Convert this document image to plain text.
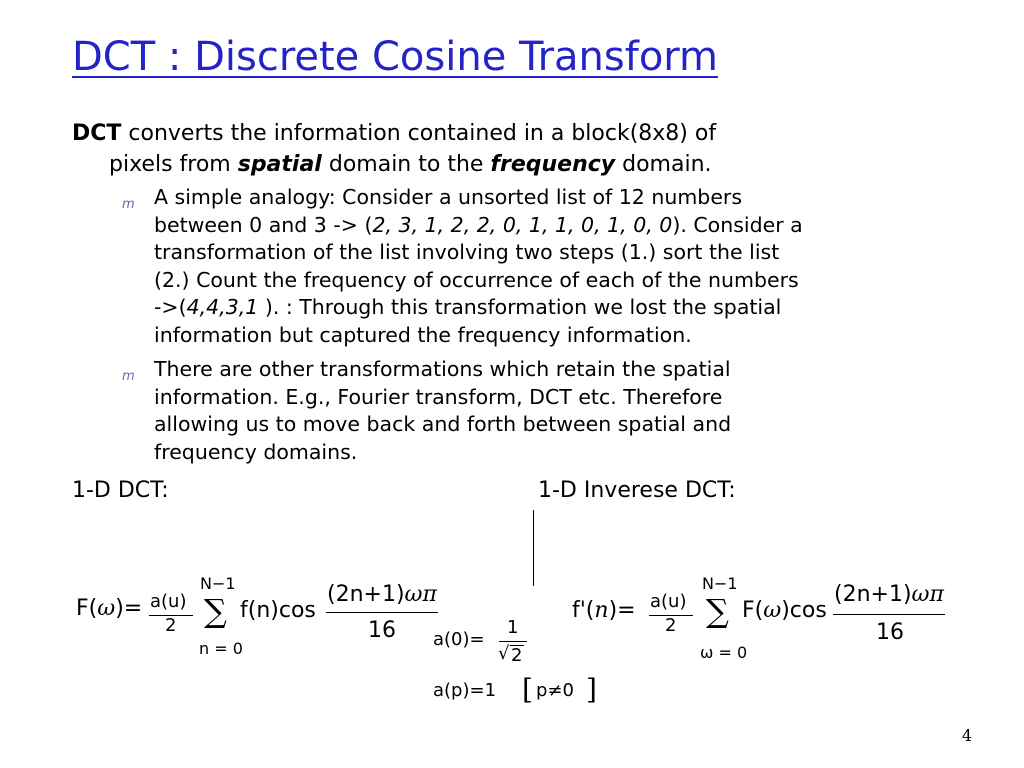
DCT : Discrete Cosine Transform
DCT converts the information contained in a block(8x8) of
pixels from spatial domain to the frequency domain.
m A simple analogy: Consider a unsorted list of 12 numbers
between 0 and 3 -> (2, 3, 1, 2, 2, 0, 1, 1, 0, 1, 0, 0). Consider a
transformation of the list involving two steps (1.) sort the list
(2.) Count the frequency of occurrence of each of the numbers
->(4,4,3,1 ). : Through this transformation we lost the spatial
information but captured the frequency information.
m There are other transformations which retain the spatial
information. E.g., Fourier transform, DCT etc. Therefore
allowing us to move back and forth between spatial and
frequency domains.
1-D DCT:	1-D Inverese DCT:
F(ω)= a(u)
2
N−1
∑
n = 0
f(n)cos
(2n+1)ωπ
16 a(0)=
1
√ 2
a(p)=1 [ p≠0 ]
f'(n)= a(u)
2
N−1
∑
ω = 0
F(ω)cos
(2n+1)ωπ
16
4
